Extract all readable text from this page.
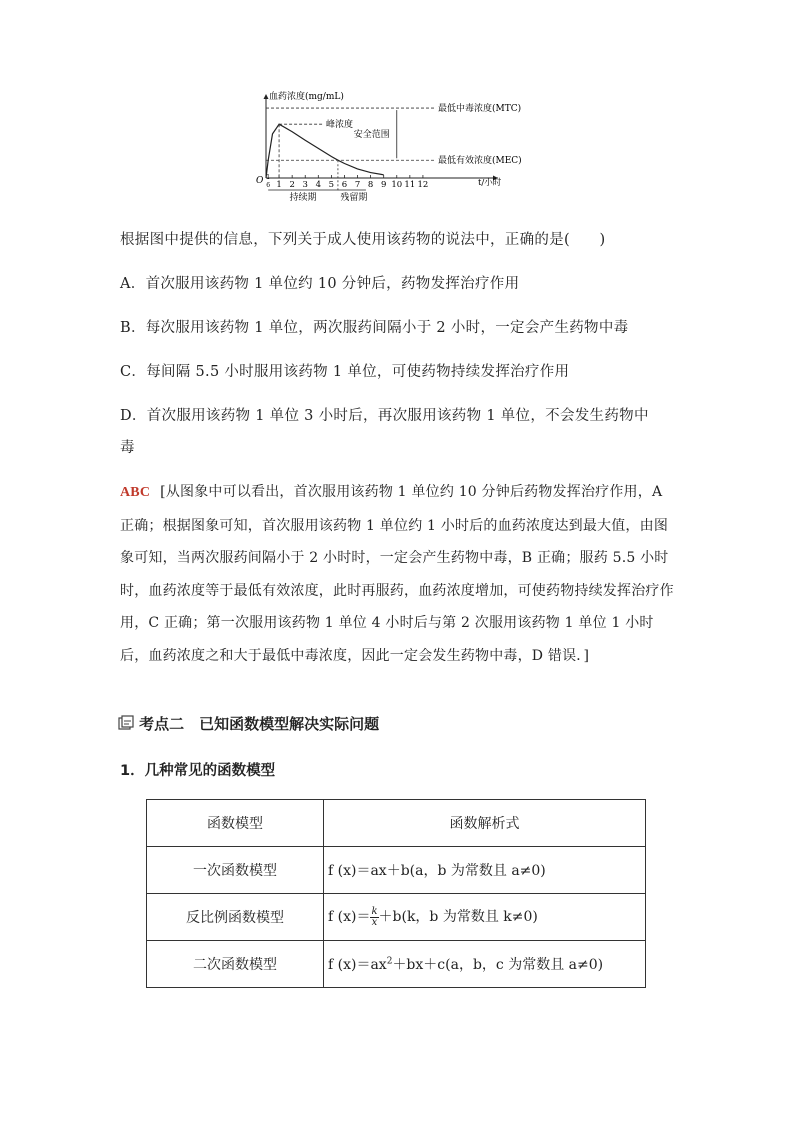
血药浓度(mg/mL)
O	t/小时
1 2 3 4 5 6 7 8 9 10 11 12
1
6
最低中毒浓度(MTC)
最低有效浓度(MEC)
峰浓度
安全范围
持续期	残留期
根据图中提供的信息，下列关于成人使用该药物的说法中，正确的是(　　)
A．首次服用该药物 1 单位约 10 分钟后，药物发挥治疗作用
B．每次服用该药物 1 单位，两次服药间隔小于 2 小时，一定会产生药物中毒
C．每间隔 5.5 小时服用该药物 1 单位，可使药物持续发挥治疗作用
D．首次服用该药物 1 单位 3 小时后，再次服用该药物 1 单位，不会发生药物中
毒
ABC [从图象中可以看出，首次服用该药物 1 单位约 10 分钟后药物发挥治疗作用，A 正确；根据图象可知，首次服用该药物 1 单位约 1 小时后的血药浓度达到最大值，由图象可知，当两次服药间隔小于 2 小时时，一定会产生药物中毒，B 正确；服药 5.5 小时时，血药浓度等于最低有效浓度，此时再服药，血药浓度增加，可使药物持续发挥治疗作用，C 正确；第一次服用该药物 1 单位 4 小时后与第 2 次服用该药物 1 单位 1 小时后，血药浓度之和大于最低中毒浓度，因此一定会发生药物中毒，D 错误．]
考点二　已知函数模型解决实际问题
1．几种常见的函数模型
函数模型	函数解析式
一次函数模型	f (x)＝ax＋b(a，b 为常数且 a≠0)
反比例函数模型	f $(x)= \frac{k}{x} +b(k$，b 为常数且 k≠0)
二次函数模型	f $(x)=ax^2+bx+c(a$，b，c 为常数且 a≠0)
